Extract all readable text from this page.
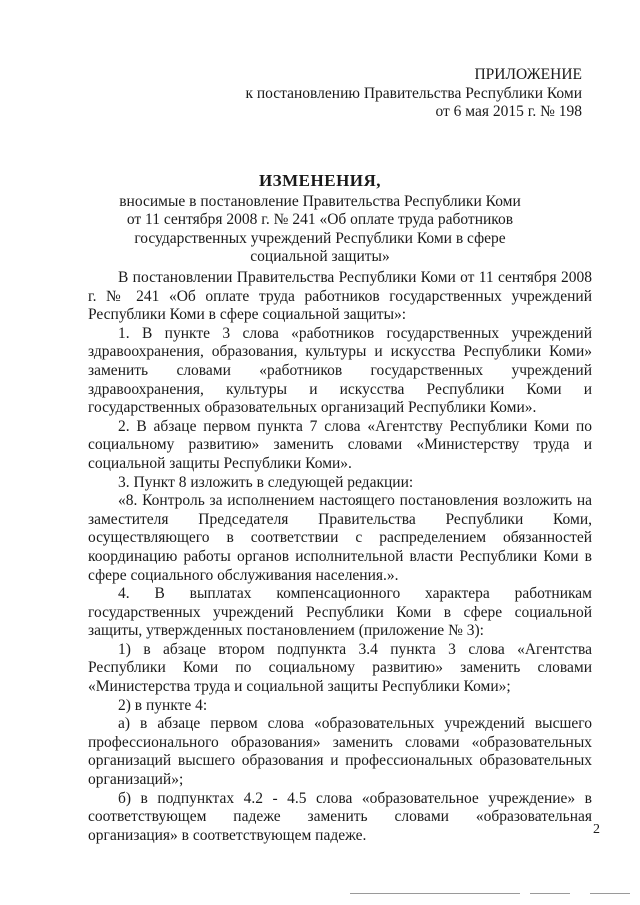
ПРИЛОЖЕНИЕ
к постановлению Правительства Республики Коми
от 6 мая 2015 г. № 198
ИЗМЕНЕНИЯ,
вносимые в постановление Правительства Республики Коми
от 11 сентября 2008 г. № 241 «Об оплате труда работников
государственных учреждений Республики Коми в сфере
социальной защиты»

В постановлении Правительства Республики Коми от 11 сентября 2008 г. № 241 «Об оплате труда работников государственных учреждений Республики Коми в сфере социальной защиты»:

1. В пункте 3 слова «работников государственных учреждений здравоохранения, образования, культуры и искусства Республики Коми» заменить словами «работников государственных учреждений здравоохранения, культуры и искусства Республики Коми и государственных образовательных организаций Республики Коми».

2. В абзаце первом пункта 7 слова «Агентству Республики Коми по социальному развитию» заменить словами «Министерству труда и социальной защиты Республики Коми».

3. Пункт 8 изложить в следующей редакции:

«8. Контроль за исполнением настоящего постановления возложить на заместителя Председателя Правительства Республики Коми, осуществляющего в соответствии с распределением обязанностей координацию работы органов исполнительной власти Республики Коми в сфере социального обслуживания населения.».

4. В выплатах компенсационного характера работникам государственных учреждений Республики Коми в сфере социальной защиты, утвержденных постановлением (приложение № 3):

1) в абзаце втором подпункта 3.4 пункта 3 слова «Агентства Республики Коми по социальному развитию» заменить словами «Министерства труда и социальной защиты Республики Коми»;

2) в пункте 4:

а) в абзаце первом слова «образовательных учреждений высшего профессионального образования» заменить словами «образовательных организаций высшего образования и профессиональных образовательных организаций»;

б) в подпунктах 4.2 - 4.5 слова «образовательное учреждение» в соответствующем падеже заменить словами «образовательная организация» в соответствующем падеже.	2
